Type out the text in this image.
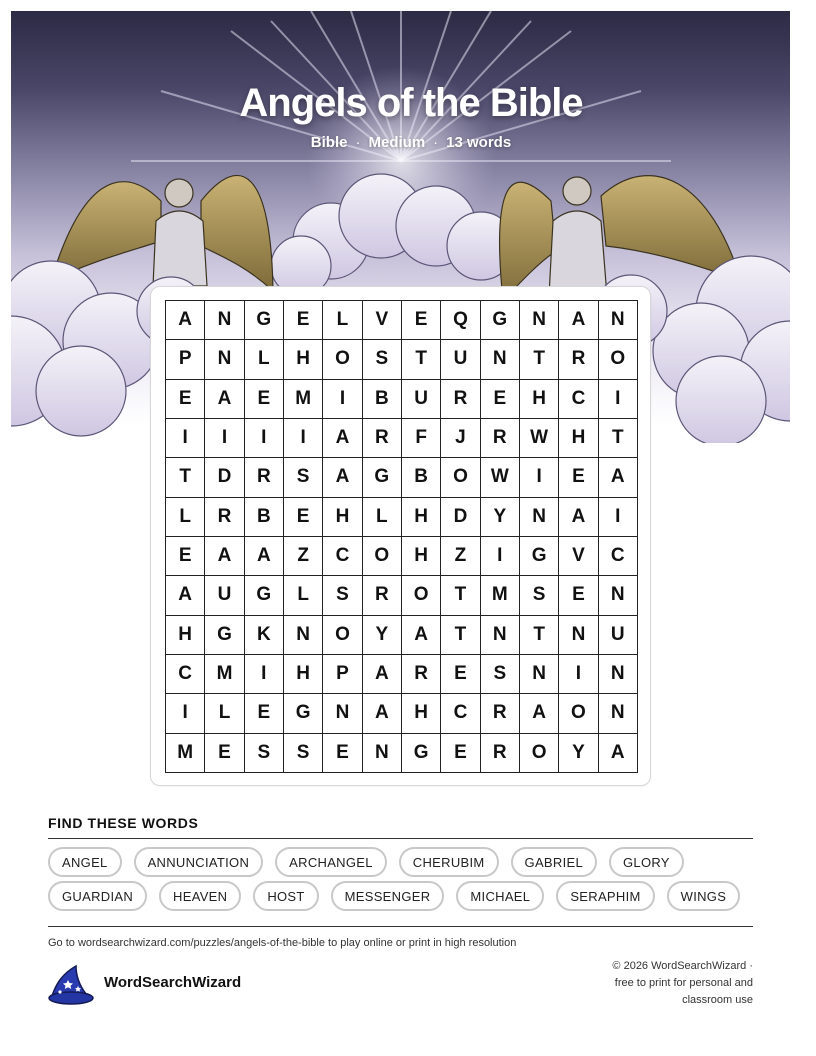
Angels of the Bible
Bible · Medium · 13 words
A	N	G	E	L	V	E	Q	G	N	A	N
P	N	L	H	O	S	T	U	N	T	R	O
E	A	E	M	I	B	U	R	E	H	C	I
I	I	I	I	A	R	F	J	R	W	H	T
T	D	R	S	A	G	B	O	W	I	E	A
L	R	B	E	H	L	H	D	Y	N	A	I
E	A	A	Z	C	O	H	Z	I	G	V	C
A	U	G	L	S	R	O	T	M	S	E	N
H	G	K	N	O	Y	A	T	N	T	N	U
C	M	I	H	P	A	R	E	S	N	I	N
I	L	E	G	N	A	H	C	R	A	O	N
M	E	S	S	E	N	G	E	R	O	Y	A
FIND THESE WORDS
ANGEL	ANNUNCIATION	ARCHANGEL	CHERUBIM	GABRIEL	GLORY
GUARDIAN	HEAVEN	HOST	MESSENGER	MICHAEL	SERAPHIM	WINGS
Go to wordsearchwizard.com/puzzles/angels-of-the-bible to play online or print in high resolution
WordSearchWizard
© 2026 WordSearchWizard ·
free to print for personal and
classroom use
